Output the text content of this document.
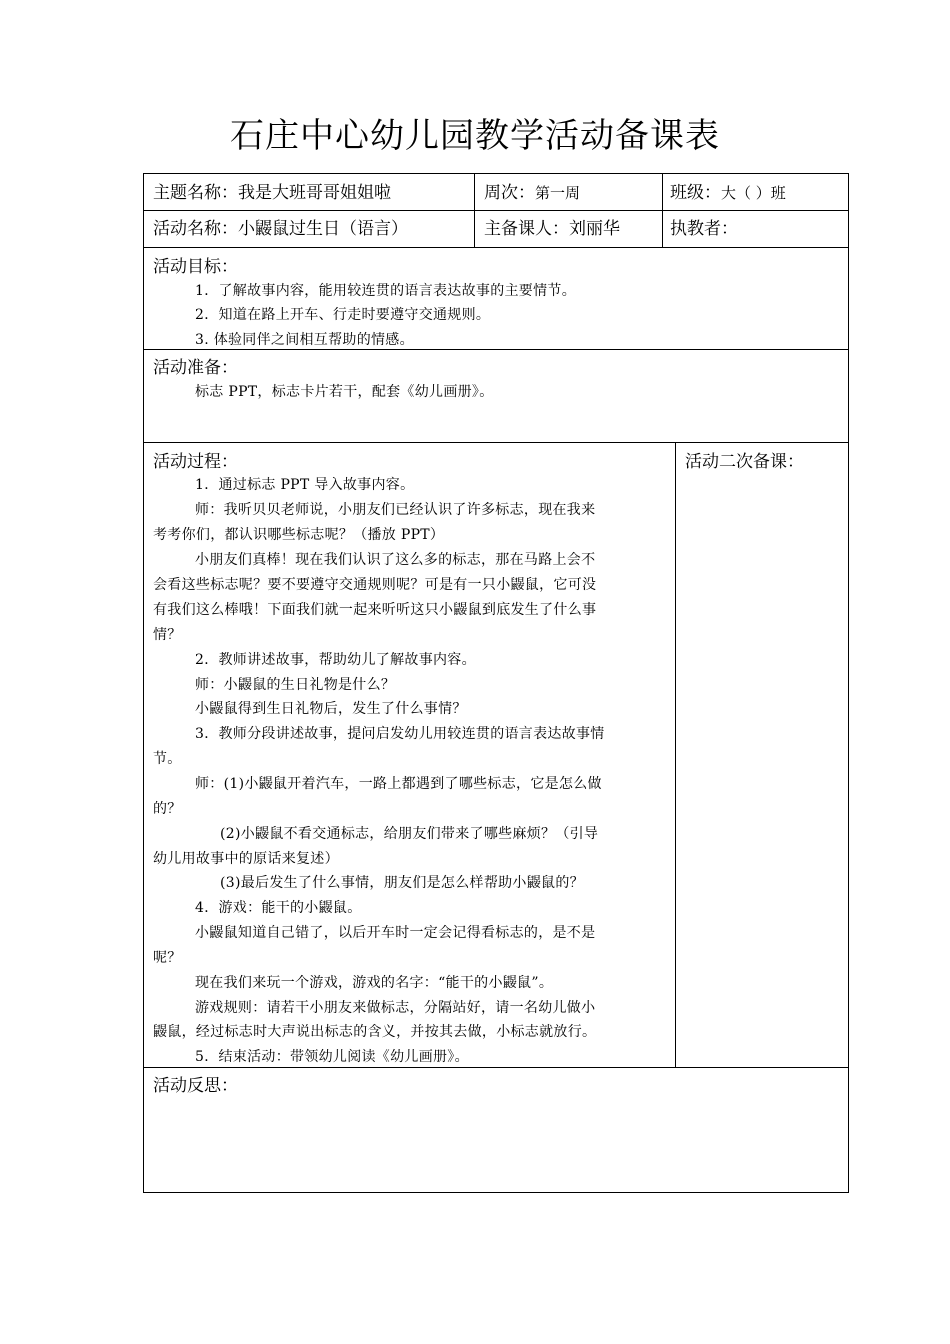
石庄中心幼儿园教学活动备课表
主题名称：我是大班哥哥姐姐啦	周次：第一周	班级：大（ ）班
活动名称：小鼹鼠过生日（语言）	主备课人：刘丽华	执教者：
活动目标：
1．了解故事内容，能用较连贯的语言表达故事的主要情节。
2．知道在路上开车、行走时要遵守交通规则。
3. 体验同伴之间相互帮助的情感。
活动准备：
标志 PPT，标志卡片若干，配套《幼儿画册》。
活动过程：	活动二次备课：
1．通过标志 PPT 导入故事内容。
师：我听贝贝老师说，小朋友们已经认识了许多标志，现在我来
考考你们，都认识哪些标志呢？（播放 PPT）
小朋友们真棒！现在我们认识了这么多的标志，那在马路上会不
会看这些标志呢？要不要遵守交通规则呢？可是有一只小鼹鼠，它可没
有我们这么棒哦！下面我们就一起来听听这只小鼹鼠到底发生了什么事
情？
2．教师讲述故事，帮助幼儿了解故事内容。
师：小鼹鼠的生日礼物是什么？
小鼹鼠得到生日礼物后，发生了什么事情？
3．教师分段讲述故事，提问启发幼儿用较连贯的语言表达故事情
节。
师：(1)小鼹鼠开着汽车，一路上都遇到了哪些标志，它是怎么做
的？
(2)小鼹鼠不看交通标志，给朋友们带来了哪些麻烦？（引导
幼儿用故事中的原话来复述）
(3)最后发生了什么事情，朋友们是怎么样帮助小鼹鼠的？
4．游戏：能干的小鼹鼠。
小鼹鼠知道自己错了，以后开车时一定会记得看标志的，是不是
呢？
现在我们来玩一个游戏，游戏的名字：“能干的小鼹鼠”。
游戏规则：请若干小朋友来做标志，分隔站好，请一名幼儿做小
鼹鼠，经过标志时大声说出标志的含义，并按其去做，小标志就放行。
5．结束活动：带领幼儿阅读《幼儿画册》。
活动反思：
